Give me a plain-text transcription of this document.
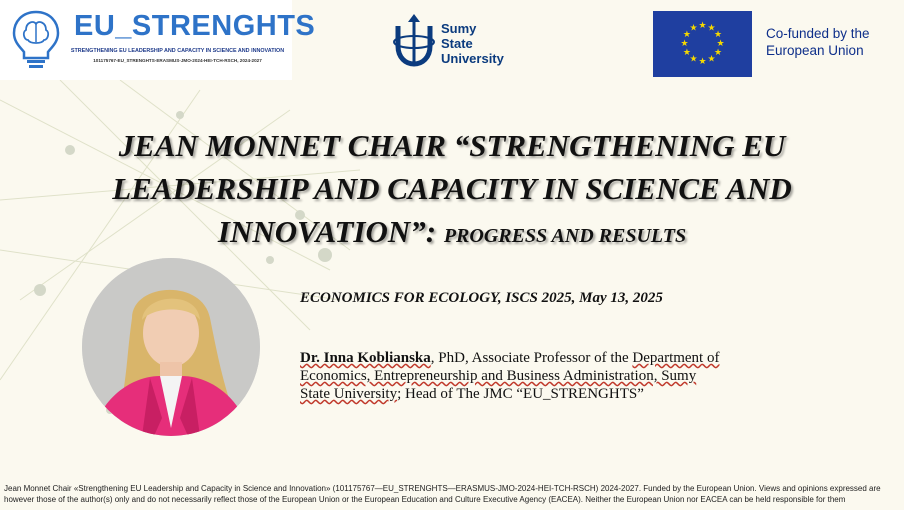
EU_STRENGHTS
STRENGTHENING EU LEADERSHIP AND CAPACITY IN SCIENCE AND INNOVATION
101175767-EU_STRENGHTS-ERASMUS-JMO-2024-HEI-TCH-RSCH, 2024-2027
Sumy
State
University
★ ★
★
★
★
★
★
★
★
★
★
★	Co-funded by the
European Union
JEAN MONNET CHAIR “STRENGTHENING EU LEADERSHIP AND CAPACITY IN SCIENCE AND INNOVATION”: PROGRESS AND RESULTS
ECONOMICS FOR ECOLOGY, ISCS 2025, May 13, 2025
Dr. Inna Koblianska, PhD, Associate Professor of the Department of Economics, Entrepreneurship and Business Administration, Sumy State University; Head of The JMC “EU_STRENGHTS”
Jean Monnet Chair «Strengthening EU Leadership and Capacity in Science and Innovation» (101175767—EU_STRENGHTS—ERASMUS-JMO-2024-HEI-TCH-RSCH) 2024-2027. Funded by the European Union. Views and opinions expressed are however those of the author(s) only and do not necessarily reflect those of the European Union or the European Education and Culture Executive Agency (EACEA). Neither the European Union nor EACEA can be held responsible for them
